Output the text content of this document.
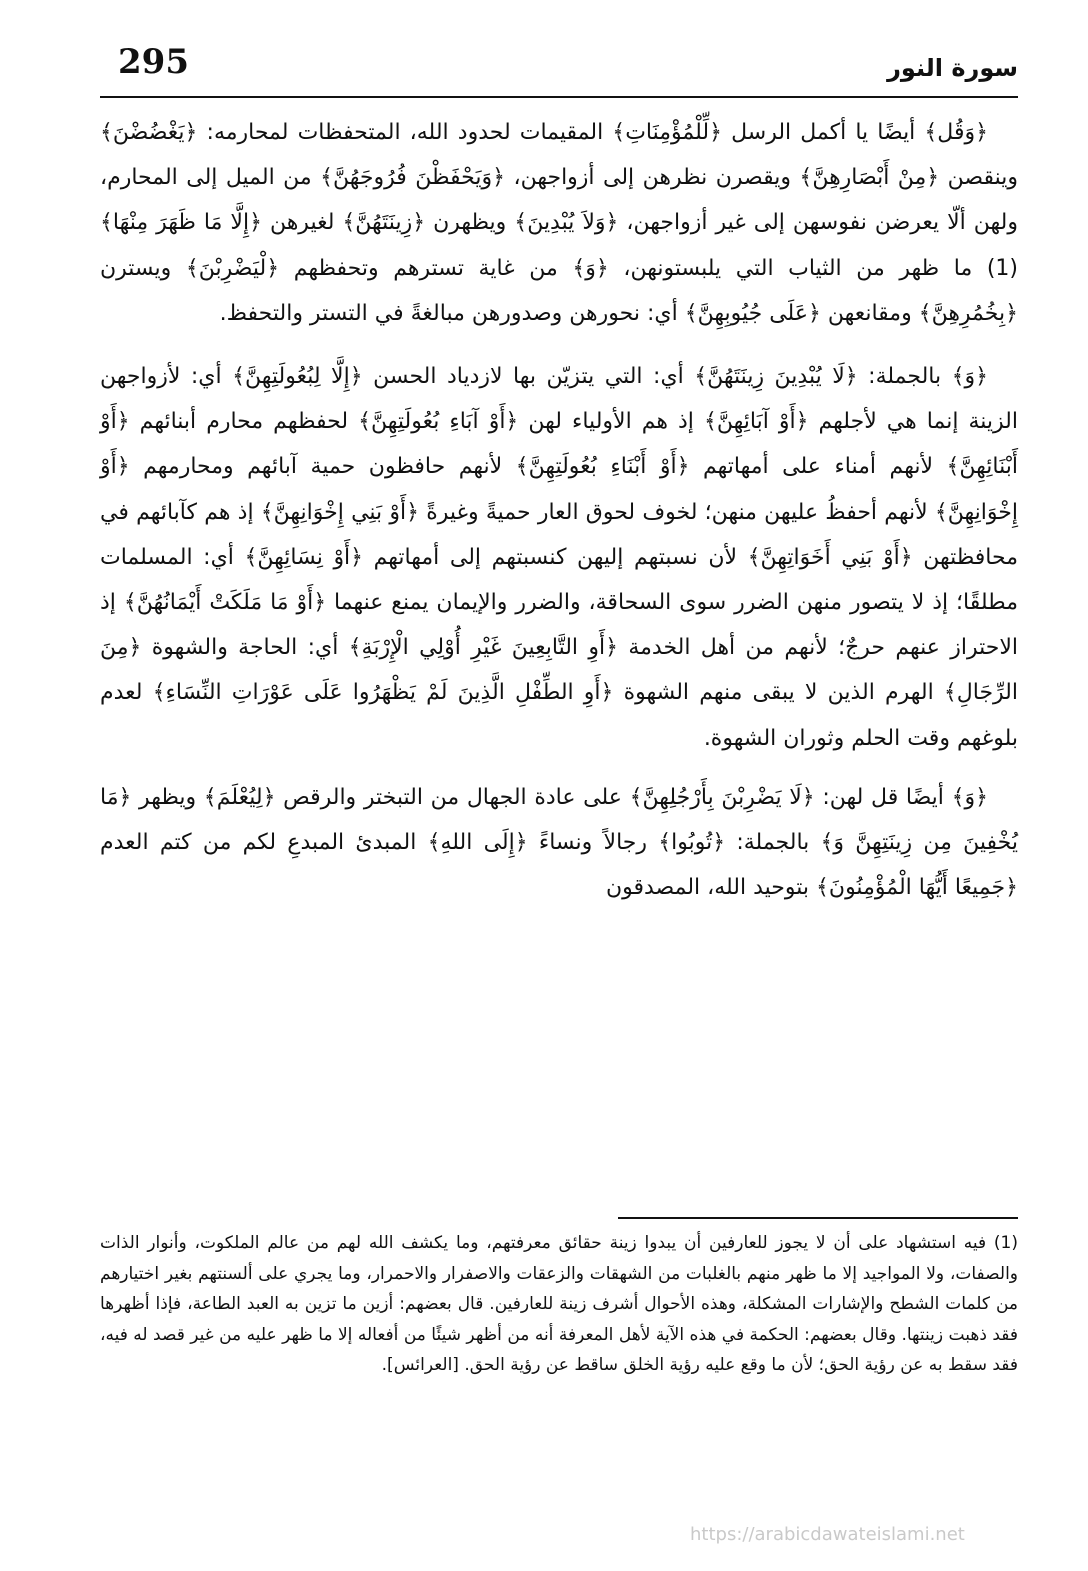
295	سورة النور

﴿وَقُل﴾ أيضًا يا أكمل الرسل ﴿لِّلْمُؤْمِنَاتِ﴾ المقيمات لحدود الله، المتحفظات لمحارمه: ﴿يَغْضُضْنَ﴾ وينقصن ﴿مِنْ أَبْصَارِهِنَّ﴾ ويقصرن نظرهن إلى أزواجهن، ﴿وَيَحْفَظْنَ فُرُوجَهُنَّ﴾ من الميل إلى المحارم، ولهن ألّا يعرضن نفوسهن إلى غير أزواجهن، ﴿وَلاَ يُبْدِينَ﴾ ويظهرن ﴿زِينَتَهُنَّ﴾ لغيرهن ﴿إِلَّا مَا ظَهَرَ مِنْهَا﴾(1) ما ظهر من الثياب التي يلبستونهن، ﴿وَ﴾ من غاية تسترهم وتحفظهم ﴿لْيَضْرِبْنَ﴾ ويسترن ﴿بِخُمُرِهِنَّ﴾ ومقانعهن ﴿عَلَى جُيُوبِهِنَّ﴾ أي: نحورهن وصدورهن مبالغةً في التستر والتحفظ.

﴿وَ﴾ بالجملة: ﴿لَا يُبْدِينَ زِينَتَهُنَّ﴾ أي: التي يتزيّن بها لازدياد الحسن ﴿إِلَّا لِبُعُولَتِهِنَّ﴾ أي: لأزواجهن الزينة إنما هي لأجلهم ﴿أَوْ آبَائِهِنَّ﴾ إذ هم الأولياء لهن ﴿أَوْ آبَاءِ بُعُولَتِهِنَّ﴾ لحفظهم محارم أبنائهم ﴿أَوْ أَبْنَائِهِنَّ﴾ لأنهم أمناء على أمهاتهم ﴿أَوْ أَبْنَاءِ بُعُولَتِهِنَّ﴾ لأنهم حافظون حمية آبائهم ومحارمهم ﴿أَوْ إِخْوَانِهِنَّ﴾ لأنهم أحفظُ عليهن منهن؛ لخوف لحوق العار حميةً وغيرةً ﴿أَوْ بَنِي إِخْوَانِهِنَّ﴾ إذ هم كآبائهم في محافظتهن ﴿أَوْ بَنِي أَخَوَاتِهِنَّ﴾ لأن نسبتهم إليهن كنسبتهم إلى أمهاتهم ﴿أَوْ نِسَائِهِنَّ﴾ أي: المسلمات مطلقًا؛ إذ لا يتصور منهن الضرر سوى السحاقة، والضرر والإيمان يمنع عنهما ﴿أَوْ مَا مَلَكَتْ أَيْمَانُهُنَّ﴾ إذ الاحتراز عنهم حرجٌ؛ لأنهم من أهل الخدمة ﴿أَوِ التَّابِعِينَ غَيْرِ أُوْلِي الْإِرْبَةِ﴾ أي: الحاجة والشهوة ﴿مِنَ الرِّجَالِ﴾ الهرم الذين لا يبقى منهم الشهوة ﴿أَوِ الطِّفْلِ الَّذِينَ لَمْ يَظْهَرُوا عَلَى عَوْرَاتِ النِّسَاءِ﴾ لعدم بلوغهم وقت الحلم وثوران الشهوة.

﴿وَ﴾ أيضًا قل لهن: ﴿لَا يَضْرِبْنَ بِأَرْجُلِهِنَّ﴾ على عادة الجهال من التبختر والرقص ﴿لِيُعْلَمَ﴾ ويظهر ﴿مَا يُخْفِينَ مِن زِينَتِهِنَّ وَ﴾ بالجملة: ﴿تُوبُوا﴾ رجالاً ونساءً ﴿إِلَى اللهِ﴾ المبدئ المبدعِ لكم من كتم العدم ﴿جَمِيعًا أَيُّهَا الْمُؤْمِنُونَ﴾ بتوحيد الله، المصدقون

(1) فيه استشهاد على أن لا يجوز للعارفين أن يبدوا زينة حقائق معرفتهم، وما يكشف الله لهم من عالم الملكوت، وأنوار الذات والصفات، ولا المواجيد إلا ما ظهر منهم بالغلبات من الشهقات والزعقات والاصفرار والاحمرار، وما يجري على ألسنتهم بغير اختيارهم من كلمات الشطح والإشارات المشكلة، وهذه الأحوال أشرف زينة للعارفين. قال بعضهم: أزين ما تزين به العبد الطاعة، فإذا أظهرها فقد ذهبت زينتها. وقال بعضهم: الحكمة في هذه الآية لأهل المعرفة أنه من أظهر شيئًا من أفعاله إلا ما ظهر عليه من غير قصد له فيه، فقد سقط به عن رؤية الحق؛ لأن ما وقع عليه رؤية الخلق ساقط عن رؤية الحق. [العرائس].

https://arabicdawateislami.net
